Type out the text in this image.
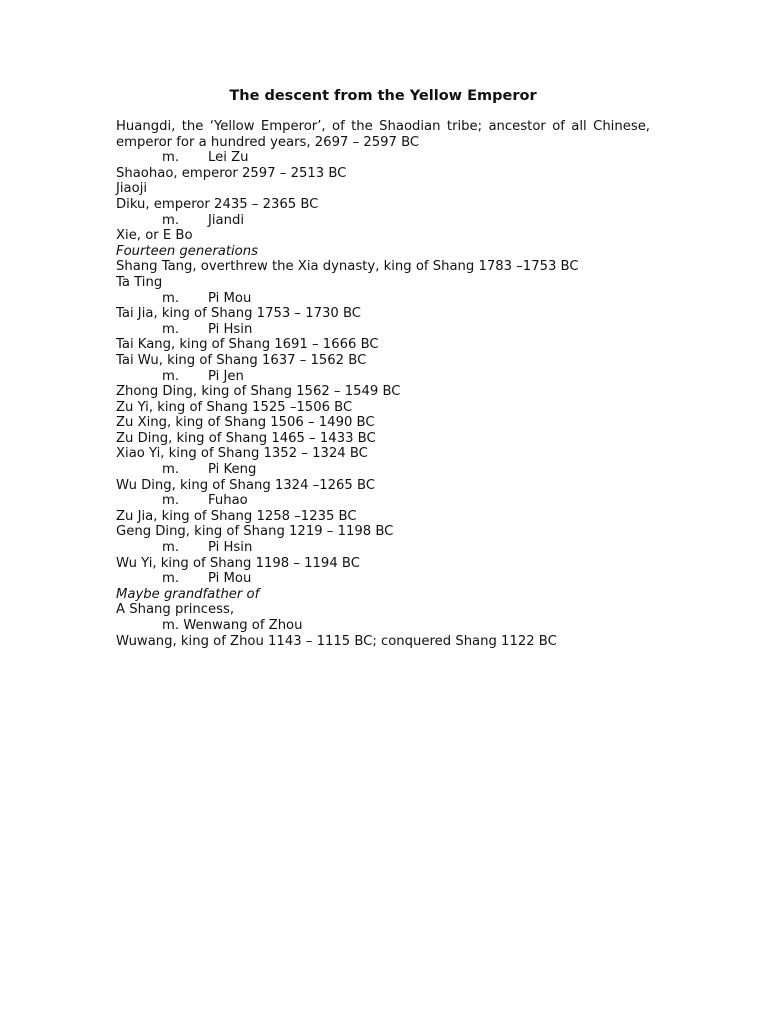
The descent from the Yellow Emperor

Huangdi, the ‘Yellow Emperor’, of the Shaodian tribe; ancestor of all Chinese, emperor for a hundred years, 2697 – 2597 BC

m. Lei Zu

Shaohao, emperor 2597 – 2513 BC

Jiaoji

Diku, emperor 2435 – 2365 BC

m. Jiandi

Xie, or E Bo

Fourteen generations

Shang Tang, overthrew the Xia dynasty, king of Shang 1783 –1753 BC

Ta Ting

m. Pi Mou

Tai Jia, king of Shang 1753 – 1730 BC

m. Pi Hsin

Tai Kang, king of Shang 1691 – 1666 BC

Tai Wu, king of Shang 1637 – 1562 BC

m. Pi Jen

Zhong Ding, king of Shang 1562 – 1549 BC

Zu Yi, king of Shang 1525 –1506 BC

Zu Xing, king of Shang 1506 – 1490 BC

Zu Ding, king of Shang 1465 – 1433 BC

Xiao Yi, king of Shang 1352 – 1324 BC

m. Pi Keng

Wu Ding, king of Shang 1324 –1265 BC

m. Fuhao

Zu Jia, king of Shang 1258 –1235 BC

Geng Ding, king of Shang 1219 – 1198 BC

m. Pi Hsin

Wu Yi, king of Shang 1198 – 1194 BC

m. Pi Mou

Maybe grandfather of

A Shang princess,

m. Wenwang of Zhou

Wuwang, king of Zhou 1143 – 1115 BC; conquered Shang 1122 BC
